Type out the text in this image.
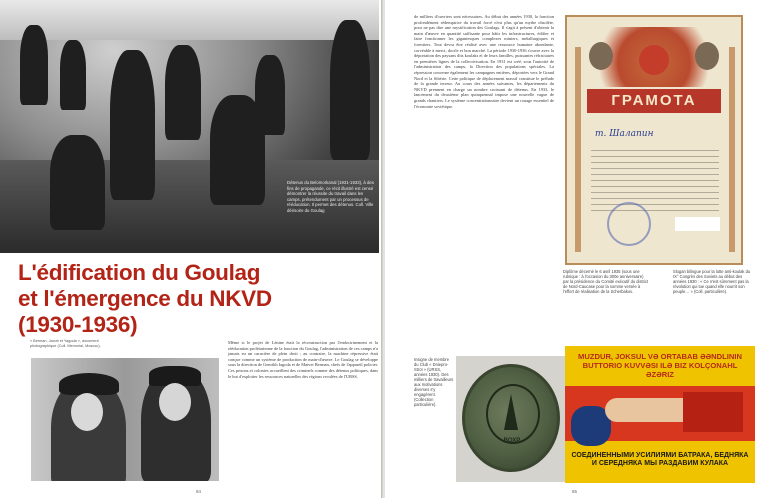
Détenus du Belomorkanal (1931-1933), à des fins de propagande, ce récit illustré est censé démontrer la réussite du travail dans les camps, prétendument par un processus de rééducation. Il permet des détenus. Coll. Ville dérisoire du Goulag
L'édification du Goulag
et l'émergence du NKVD
(1930-1936)
« Berman, Jacob et Yagoda », document photographique (Coll. Memorial, Moscou).
Même si le projet de Lénine était la réconstruction par l'endoctrinement et la rééducation prolétarienne de la fonction du Goulag, l'administration de ces camps n'a jamais eu un caractère de plein droit ; au contraire, la machine répressive était conçue comme un système de production de main-d'œuvre. Le Goulag se développe sous la direction de Genrikh Iagoda et de Matvei Berman, chefs de l'appareil policier. Ces prisons et colonies accueillent des criminels comme des détenus politiques, dans le but d'exploiter les ressources naturelles des régions reculées de l'URSS.
84
de milliers d'ouvriers sont nécessaires. Au début des années 1930, la fonction profondément rédemptrice du travail forcé n'est plus qu'un mythe obsolète, pour ne pas dire une mystification des Goulags. Il s'agit à présent d'obtenir la main d'œuvre en quantité suffisante pour bâtir les infrastructures, édifier et faire fonctionner les gigantesques complexes miniers, métallurgiques et forestiers. Tout devra être réalisé avec une ressource humaine abondante, corvéable à merci, docile et bon marché. La période 1930-1936 s'ouvre avec la déportation des paysans dits koulaks et de leurs familles, puissantes réfractaires en premières lignes de la collectivisation. En 1931 est créé, sous l'autorité de l'administration des camps, la Direction des populations spéciales. La répression concerne également les campagnes entières, déportées vers le Grand Nord et la Sibérie. Cette politique de déplacement massif constitue le prélude de la grande terreur. Au cours des années suivantes, les départements du NKVD prennent en charge un nombre croissant de détenus. En 1933, le lancement du deuxième plan quinquennal impose une nouvelle vague de grands chantiers. Le système concentrationnaire devient un rouage essentiel de l'économie soviétique.	ГРАМОТА
т. Шалапин
Diplôme décerné le 6 avril 1935 (sous une rubrique : à l'occasion du 300e anniversaire) par la présidence du Comité exécutif du district de Nord-Caucase pour la somme versée à l'effort de réalisation de la Scherbakov.
Slogan bilingue pour la lutte anti-koulak du IX° Congrès des Soviets au début des années 1930 : « Ce n'est sûrement pas la révolution qui tue quand elle nourrit son peuple… » (Coll. particulière).
Insigne de membre du Club « Dniepro-Stroï » (URSS, années 1930). Des milliers de travailleurs aux motivations diverses s'y engagèrent. (Collection particulière).
ВОХР
MUZDUR, JOKSUL VƏ ORTABAB ƏƏNDLININ BUTTORIO KUVVƏSI ILƏ BIZ KOLÇONAHL ƏZƏRIZ
СОЕДИНЕННЫМИ УСИЛИЯМИ БАТРАКА, БЕДНЯКА И СЕРЕДНЯКА МЫ РАЗДАВИМ КУЛАКА
85
